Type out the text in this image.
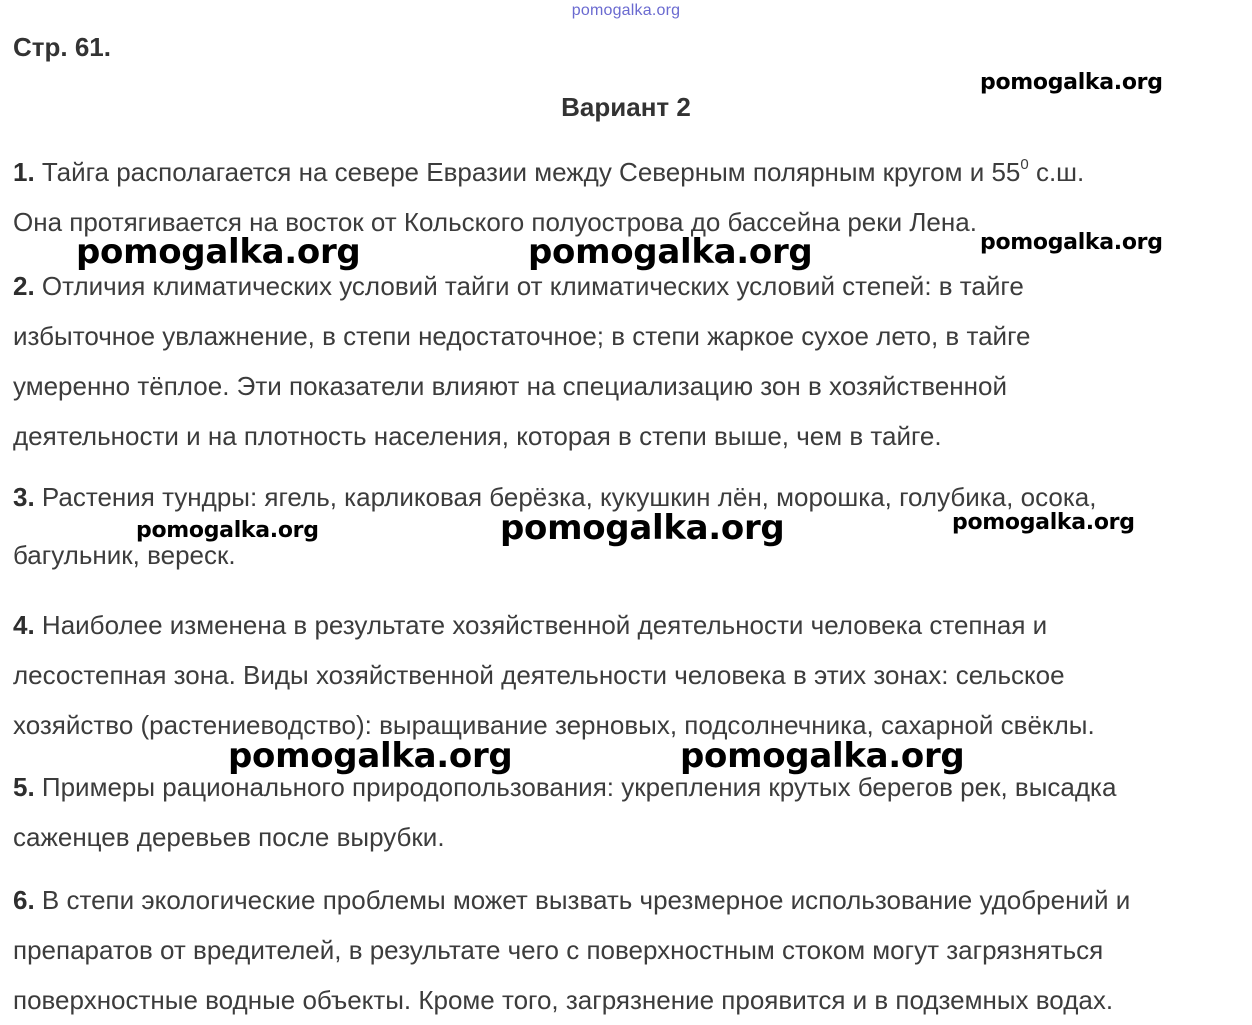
pomogalka.org
Стр. 61.
Вариант 2
1. Тайга располагается на севере Евразии между Северным полярным кругом и $55^0$ с.ш.
Она протягивается на восток от Кольского полуострова до бассейна реки Лена.
2. Отличия климатических условий тайги от климатических условий степей: в тайге
избыточное увлажнение, в степи недостаточное; в степи жаркое сухое лето, в тайге
умеренно тёплое. Эти показатели влияют на специализацию зон в хозяйственной
деятельности и на плотность населения, которая в степи выше, чем в тайге.
3. Растения тундры: ягель, карликовая берёзка, кукушкин лён, морошка, голубика, осока,
багульник, вереск.
4. Наиболее изменена в результате хозяйственной деятельности человека степная и
лесостепная зона. Виды хозяйственной деятельности человека в этих зонах: сельское
хозяйство (растениеводство): выращивание зерновых, подсолнечника, сахарной свёклы.
5. Примеры рационального природопользования: укрепления крутых берегов рек, высадка
саженцев деревьев после вырубки.
6. В степи экологические проблемы может вызвать чрезмерное использование удобрений и
препаратов от вредителей, в результате чего с поверхностным стоком могут загрязняться
поверхностные водные объекты. Кроме того, загрязнение проявится и в подземных водах.
pomogalka.org
pomogalka.org	pomogalka.org	pomogalka.org
pomogalka.org	pomogalka.org	pomogalka.org
pomogalka.org	pomogalka.org
